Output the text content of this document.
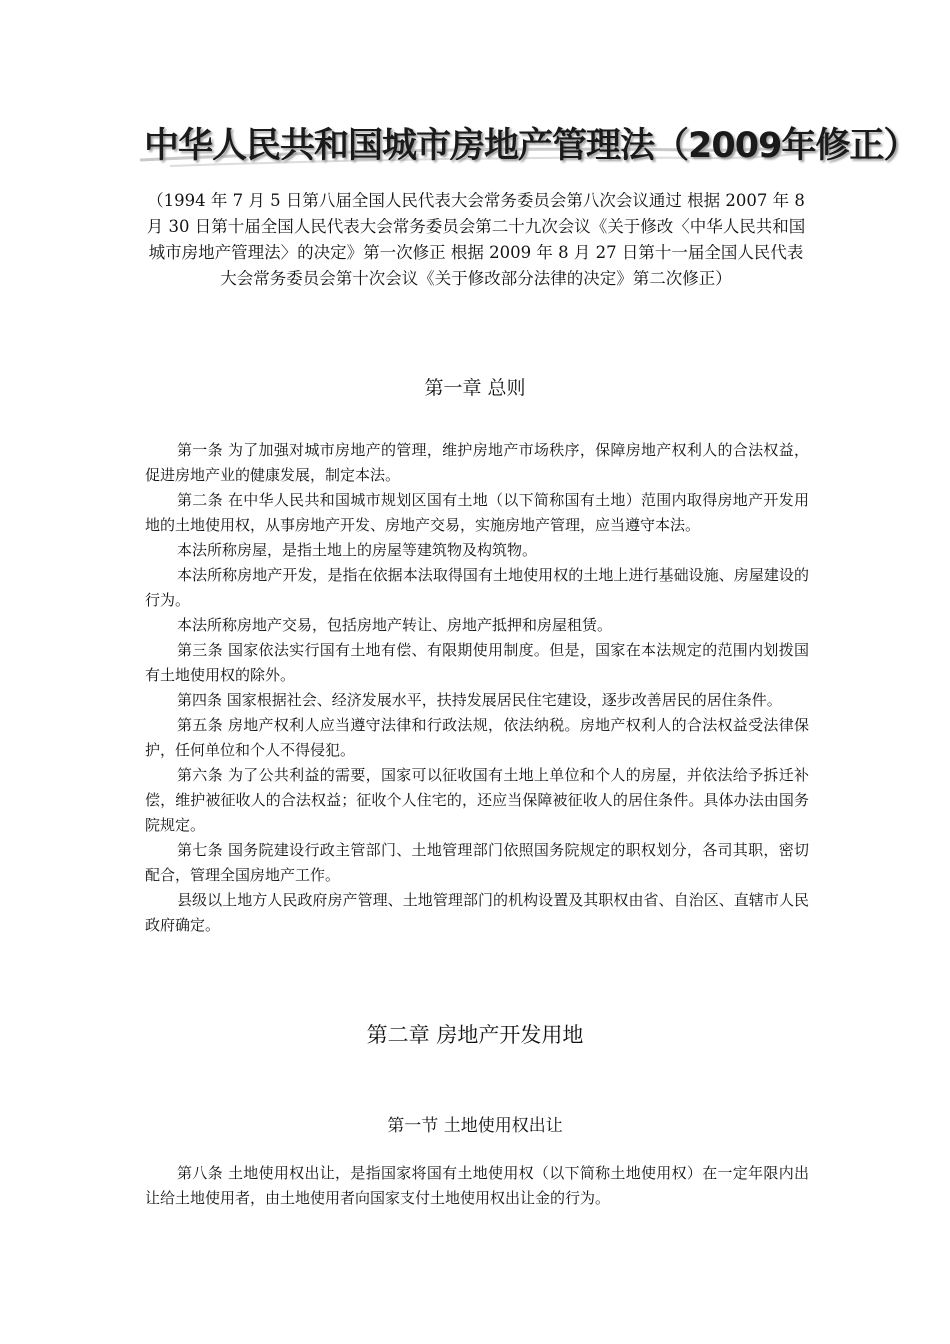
中华人民共和国城市房地产管理法（2009年修正）
（1994 年 7 月 5 日第八届全国人民代表大会常务委员会第八次会议通过 根据 2007 年 8 月 30 日第十届全国人民代表大会常务委员会第二十九次会议《关于修改〈中华人民共和国城市房地产管理法〉的决定》第一次修正 根据 2009 年 8 月 27 日第十一届全国人民代表大会常务委员会第十次会议《关于修改部分法律的决定》第二次修正）
第一章 总则

第一条 为了加强对城市房地产的管理，维护房地产市场秩序，保障房地产权利人的合法权益，促进房地产业的健康发展，制定本法。

第二条 在中华人民共和国城市规划区国有土地（以下简称国有土地）范围内取得房地产开发用地的土地使用权，从事房地产开发、房地产交易，实施房地产管理，应当遵守本法。

本法所称房屋，是指土地上的房屋等建筑物及构筑物。

本法所称房地产开发，是指在依据本法取得国有土地使用权的土地上进行基础设施、房屋建设的行为。

本法所称房地产交易，包括房地产转让、房地产抵押和房屋租赁。

第三条 国家依法实行国有土地有偿、有限期使用制度。但是，国家在本法规定的范围内划拨国有土地使用权的除外。

第四条 国家根据社会、经济发展水平，扶持发展居民住宅建设，逐步改善居民的居住条件。

第五条 房地产权利人应当遵守法律和行政法规，依法纳税。房地产权利人的合法权益受法律保护，任何单位和个人不得侵犯。

第六条 为了公共利益的需要，国家可以征收国有土地上单位和个人的房屋，并依法给予拆迁补偿，维护被征收人的合法权益；征收个人住宅的，还应当保障被征收人的居住条件。具体办法由国务院规定。

第七条 国务院建设行政主管部门、土地管理部门依照国务院规定的职权划分，各司其职，密切配合，管理全国房地产工作。

县级以上地方人民政府房产管理、土地管理部门的机构设置及其职权由省、自治区、直辖市人民政府确定。

第二章 房地产开发用地
第一节 土地使用权出让

第八条 土地使用权出让，是指国家将国有土地使用权（以下简称土地使用权）在一定年限内出让给土地使用者，由土地使用者向国家支付土地使用权出让金的行为。
